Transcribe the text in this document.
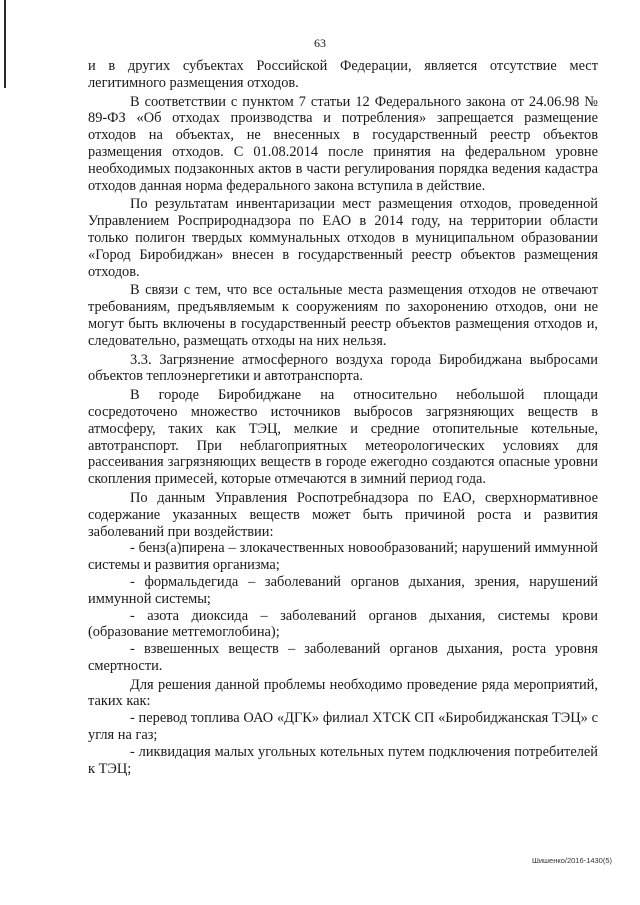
63

и в других субъектах Российской Федерации, является отсутствие мест легитимного размещения отходов.

В соответствии с пунктом 7 статьи 12 Федерального закона от 24.06.98 № 89-ФЗ «Об отходах производства и потребления» запрещается размещение отходов на объектах, не внесенных в государственный реестр объектов размещения отходов. С 01.08.2014 после принятия на федеральном уровне необходимых подзаконных актов в части регулирования порядка ведения кадастра отходов данная норма федерального закона вступила в действие.

По результатам инвентаризации мест размещения отходов, проведенной Управлением Росприроднадзора по ЕАО в 2014 году, на территории области только полигон твердых коммунальных отходов в муниципальном образовании «Город Биробиджан» внесен в государственный реестр объектов размещения отходов.

В связи с тем, что все остальные места размещения отходов не отвечают требованиям, предъявляемым к сооружениям по захоронению отходов, они не могут быть включены в государственный реестр объектов размещения отходов и, следовательно, размещать отходы на них нельзя.

3.3. Загрязнение атмосферного воздуха города Биробиджана выбросами объектов теплоэнергетики и автотранспорта.

В городе Биробиджане на относительно небольшой площади сосредоточено множество источников выбросов загрязняющих веществ в атмосферу, таких как ТЭЦ, мелкие и средние отопительные котельные, автотранспорт. При неблагоприятных метеорологических условиях для рассеивания загрязняющих веществ в городе ежегодно создаются опасные уровни скопления примесей, которые отмечаются в зимний период года.

По данным Управления Роспотребнадзора по ЕАО, сверхнормативное содержание указанных веществ может быть причиной роста и развития заболеваний при воздействии:

- бенз(а)пирена – злокачественных новообразований; нарушений иммунной системы и развития организма;

- формальдегида – заболеваний органов дыхания, зрения, нарушений иммунной системы;

- азота диоксида – заболеваний органов дыхания, системы крови (образование метгемоглобина);

- взвешенных веществ – заболеваний органов дыхания, роста уровня смертности.

Для решения данной проблемы необходимо проведение ряда мероприятий, таких как:

- перевод топлива ОАО «ДГК» филиал ХТСК СП «Биробиджанская ТЭЦ» с угля на газ;

- ликвидация малых угольных котельных путем подключения потребителей к ТЭЦ;

Шишенко/2016-1430(5)
